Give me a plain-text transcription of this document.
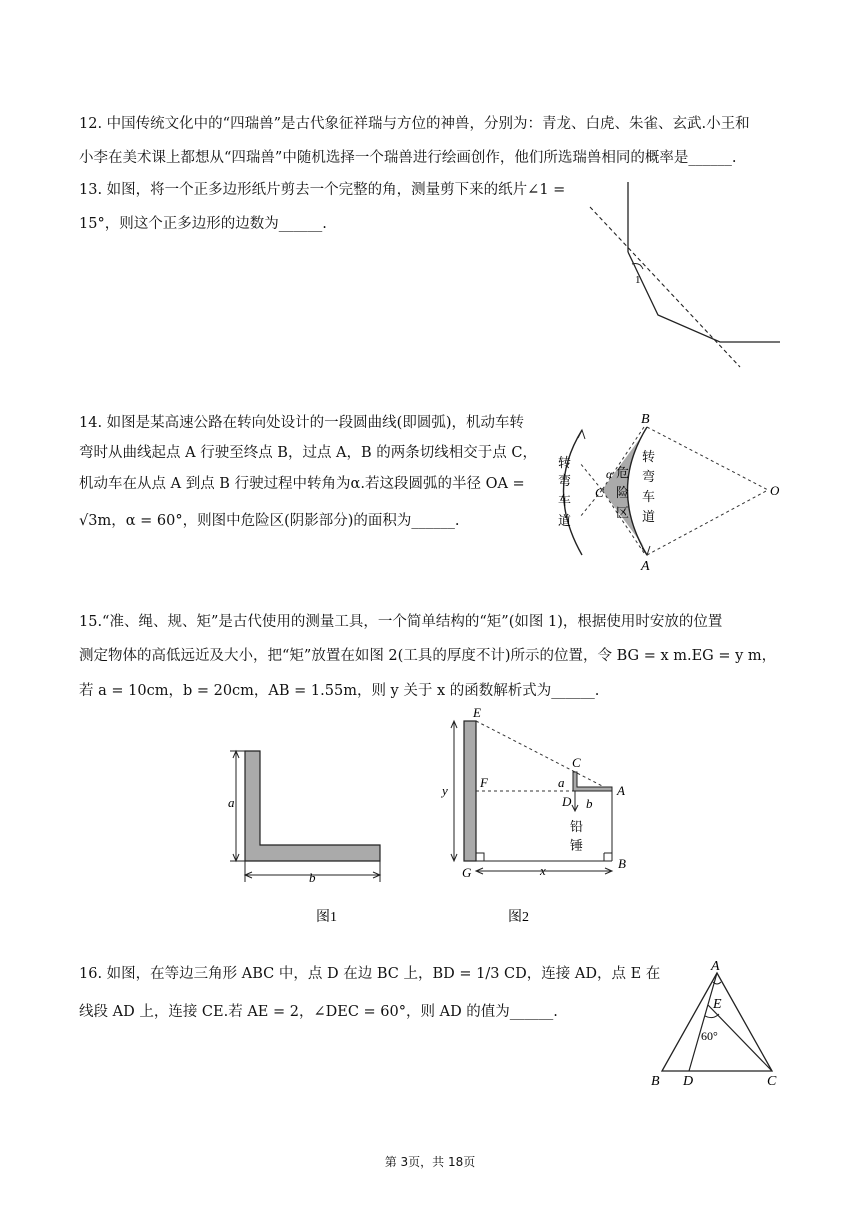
12. 中国传统文化中的“四瑞兽”是古代象征祥瑞与方位的神兽，分别为：青龙、白虎、朱雀、玄武.小王和
小李在美术课上都想从“四瑞兽”中随机选择一个瑞兽进行绘画创作，他们所选瑞兽相同的概率是______.
13. 如图，将一个正多边形纸片剪去一个完整的角，测量剪下来的纸片∠1 =
15°，则这个正多边形的边数为______.
1
14. 如图是某高速公路在转向处设计的一段圆曲线(即圆弧)，机动车转
弯时从曲线起点 A 行驶至终点 B，过点 A，B 的两条切线相交于点 C，
机动车在从点 A 到点 B 行驶过程中转角为α.若这段圆弧的半径 OA =
√3m，α = 60°，则图中危险区(阴影部分)的面积为______.
B
A
C	O
α
转
弯
车
道
转
弯
车
道
危
险
区
15.“准、绳、规、矩”是古代使用的测量工具，一个简单结构的“矩”(如图 1)，根据使用时安放的位置
测定物体的高低远近及大小，把“矩”放置在如图 2(工具的厚度不计)所示的位置，令 BG = x m.EG = y m，
若 a = 10cm，b = 20cm，AB = 1.55m，则 y 关于 x 的函数解析式为______.
a
b
图1
E
C
F	a
A
D b
y
G	x	B
铅
锤
图2
16. 如图，在等边三角形 ABC 中，点 D 在边 BC 上，BD = 1/3 CD，连接 AD，点 E 在
线段 AD 上，连接 CE.若 AE = 2，∠DEC = 60°，则 AD 的值为______.
A
E
B D	C
60°
第 3页，共 18页
